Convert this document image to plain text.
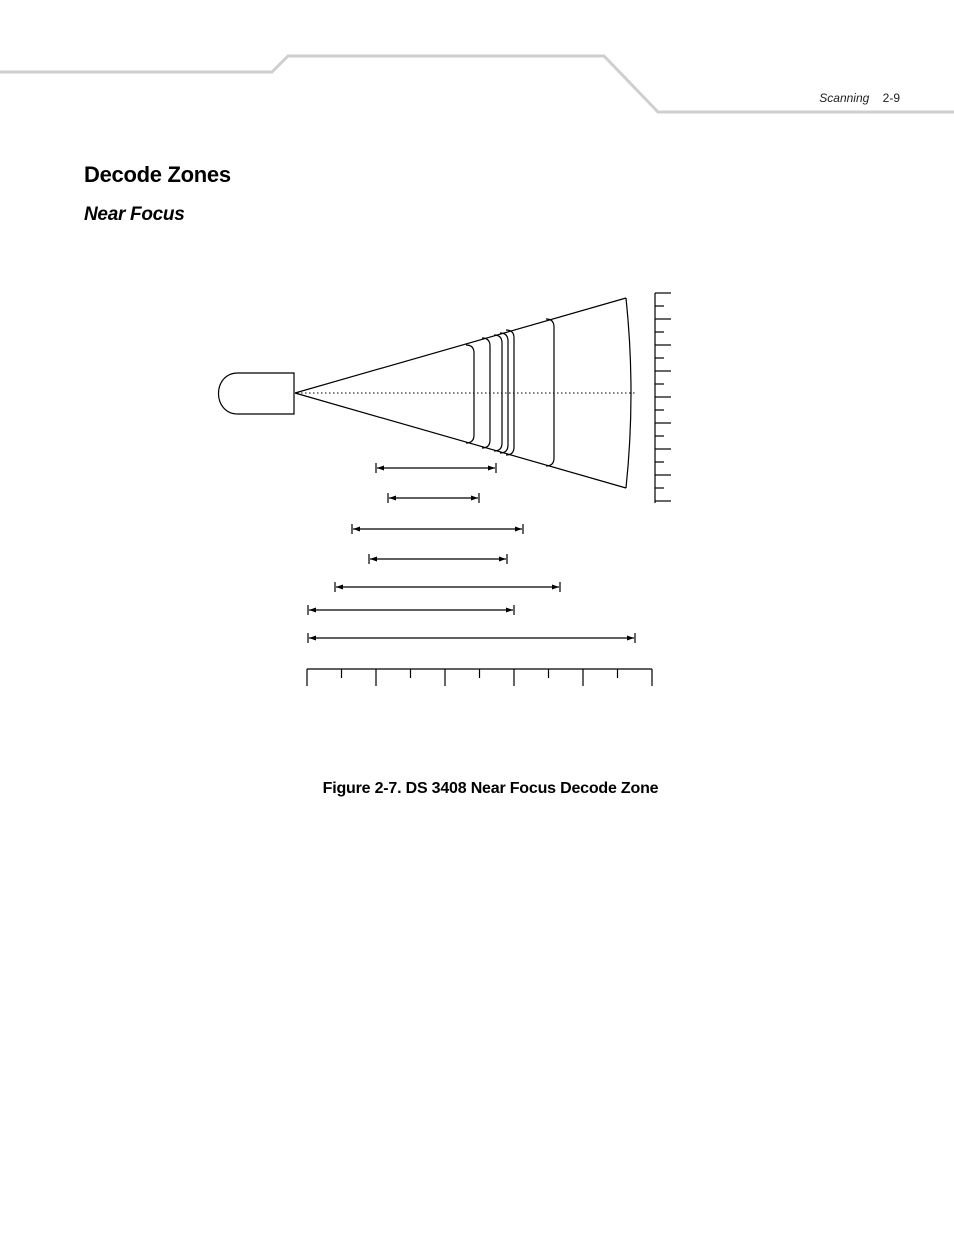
Scanning 2-9
Decode Zones
Near Focus

Figure 2-7. DS 3408 Near Focus Decode Zone
